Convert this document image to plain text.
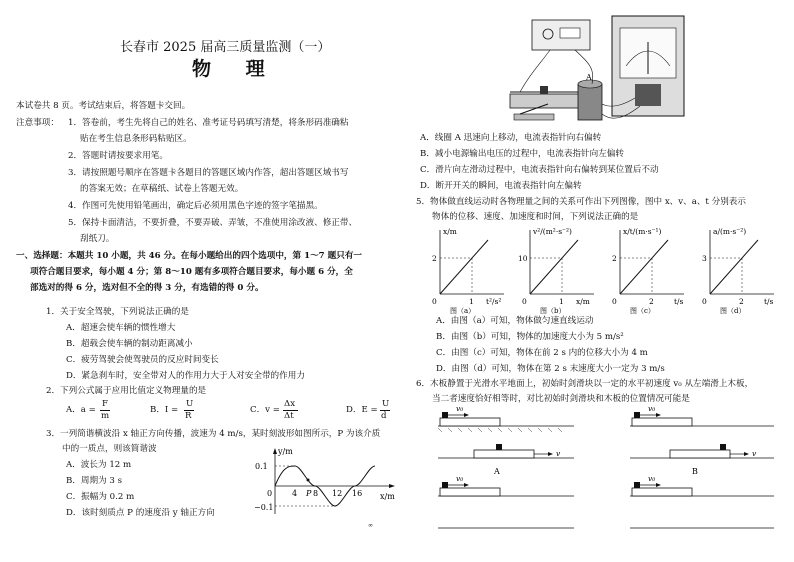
长春市 2025 届高三质量监测（一）
物 理
本试卷共 8 页。考试结束后，将答题卡交回。
注意事项： 1．答卷前，考生先将自己的姓名、准考证号码填写清楚，将条形码准确粘
贴在考生信息条形码粘贴区。
2．答题时请按要求用笔。
3．请按照题号顺序在答题卡各题目的答题区域内作答，超出答题区域书写
的答案无效；在草稿纸、试卷上答题无效。
4．作图可先使用铅笔画出，确定后必须用黑色字迹的签字笔描黑。
5．保持卡面清洁，不要折叠，不要弄破、弄皱，不准使用涂改液、修正带、
刮纸刀。
一、选择题：本题共 10 小题，共 46 分。在每小题给出的四个选项中，第 1～7 题只有一
项符合题目要求，每小题 4 分；第 8～10 题有多项符合题目要求，每小题 6 分，全
部选对的得 6 分，选对但不全的得 3 分，有选错的得 0 分。
1．关于安全驾驶，下列说法正确的是
A．超速会使车辆的惯性增大
B．超载会使车辆的制动距离减小
C．疲劳驾驶会使驾驶员的反应时间变长
D．紧急刹车时，安全带对人的作用力大于人对安全带的作用力
2．下列公式属于应用比值定义物理量的是
A．a =
F
m
B．I =
U
R
C．v =
Δx
Δt
D．E =
U
d
3．一列简谐横波沿 x 轴正方向传播，波速为 4 m/s，某时刻波形如图所示，P 为该介质
中的一质点，则该简谐波
A．波长为 12 m
B．周期为 3 s
C．振幅为 0.2 m
D．该时刻质点 P 的速度沿 y 轴正方向
y/m
x/m
0.1
−0.1
0 4 P 8 12 16
∞
A
A．线圈 A 迅速向上移动，电流表指针向右偏转
B．减小电源输出电压的过程中，电流表指针向左偏转
C．滑片向左滑动过程中，电流表指针向右偏转到某位置后不动
D．断开开关的瞬间，电流表指针向左偏转
5．物体做直线运动时各物理量之间的关系可作出下列图像，图中 x、v、a、t 分别表示
物体的位移、速度、加速度和时间，下列说法正确的是
x/m
t²/s²
2
1
0
图（a）
v²/(m²·s⁻²)
x/m
10
1
0
图（b）
x/t/(m·s⁻¹)
t/s
2
2
0
图（c）
a/(m·s⁻²)
t/s
3
2
0
图（d）
A．由图（a）可知，物体做匀速直线运动
B．由图（b）可知，物体的加速度大小为 5 m/s²
C．由图（c）可知，物体在前 2 s 内的位移大小为 4 m
D．由图（d）可知，物体在第 2 s 末速度大小一定为 3 m/s
6．木板静置于光滑水平地面上，初始时剑滑块以一定的水平初速度 v₀ 从左端滑上木板，
当二者速度恰好相等时，对比初始时剑滑块和木板的位置情况可能是
v₀	v₀
v
A
v
B
v₀	v₀
